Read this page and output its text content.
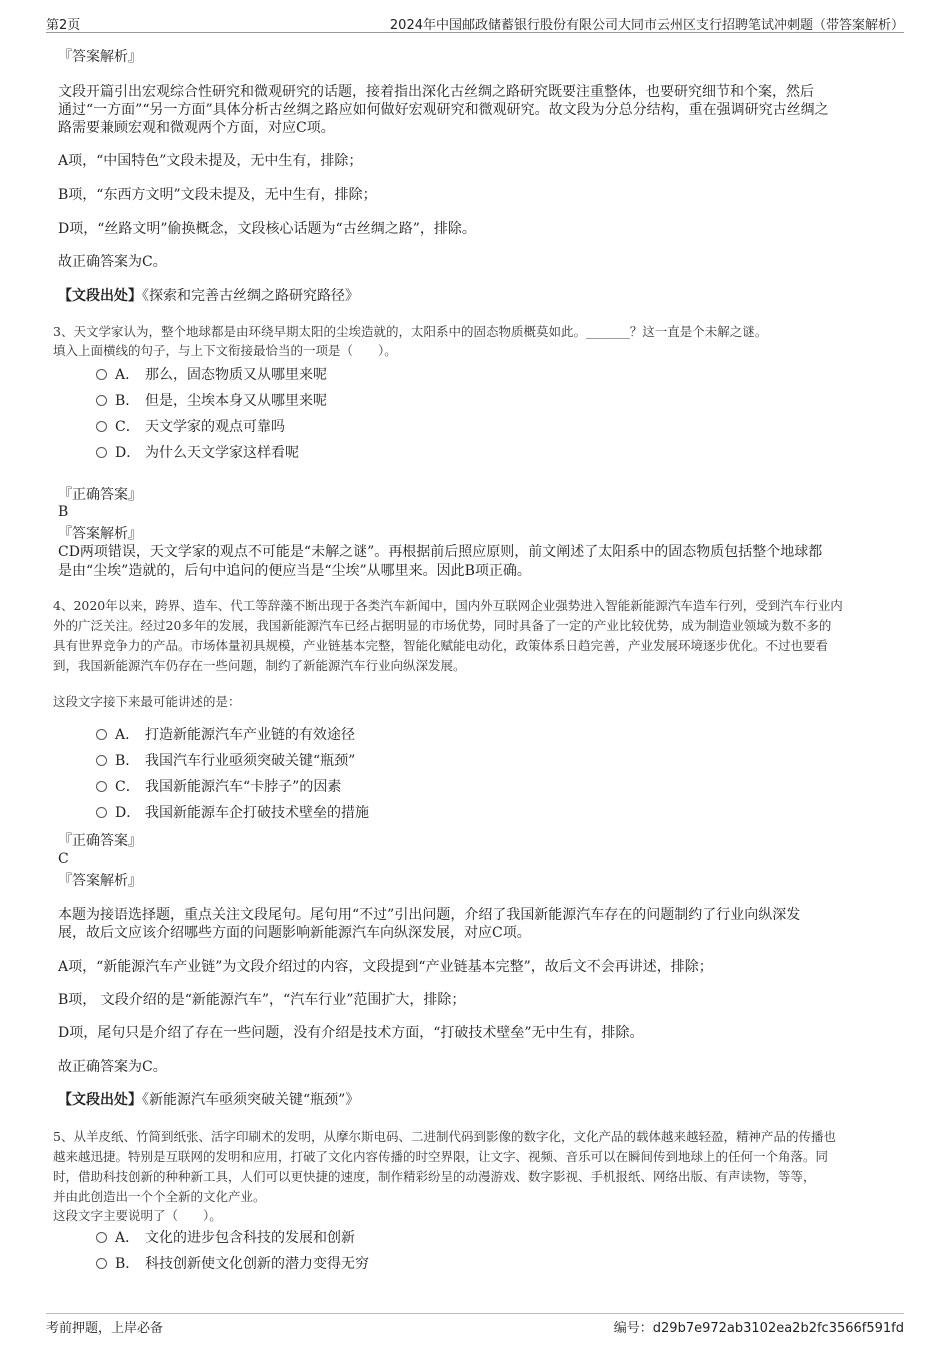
第2页	2024年中国邮政储蓄银行股份有限公司大同市云州区支行招聘笔试冲刺题（带答案解析）
『答案解析』
文段开篇引出宏观综合性研究和微观研究的话题，接着指出深化古丝绸之路研究既要注重整体，也要研究细节和个案，然后
通过“一方面”“另一方面”具体分析古丝绸之路应如何做好宏观研究和微观研究。故文段为分总分结构，重在强调研究古丝绸之
路需要兼顾宏观和微观两个方面，对应C项。
A项，“中国特色”文段未提及，无中生有，排除；
B项，“东西方文明”文段未提及，无中生有，排除；
D项，“丝路文明”偷换概念，文段核心话题为“古丝绸之路”，排除。
故正确答案为C。
【文段出处】《探索和完善古丝绸之路研究路径》
3、天文学家认为，整个地球都是由环绕早期太阳的尘埃造就的，太阳系中的固态物质概莫如此。_______？这一直是个未解之谜。
填入上面横线的句子，与上下文衔接最恰当的一项是（　　）。
A． 那么，固态物质又从哪里来呢
B． 但是，尘埃本身又从哪里来呢
C． 天文学家的观点可靠吗
D． 为什么天文学家这样看呢
『正确答案』
B
『答案解析』
CD两项错误，天文学家的观点不可能是“未解之谜”。再根据前后照应原则，前文阐述了太阳系中的固态物质包括整个地球都
是由“尘埃”造就的，后句中追问的便应当是“尘埃”从哪里来。因此B项正确。
4、2020年以来，跨界、造车、代工等辞藻不断出现于各类汽车新闻中，国内外互联网企业强势进入智能新能源汽车造车行列，受到汽车行业内
外的广泛关注。经过20多年的发展，我国新能源汽车已经占据明显的市场优势，同时具备了一定的产业比较优势，成为制造业领域为数不多的
具有世界竞争力的产品。市场体量初具规模，产业链基本完整，智能化赋能电动化，政策体系日趋完善，产业发展环境逐步优化。不过也要看
到，我国新能源汽车仍存在一些问题，制约了新能源汽车行业向纵深发展。
这段文字接下来最可能讲述的是：
A． 打造新能源汽车产业链的有效途径
B． 我国汽车行业亟须突破关键“瓶颈”
C． 我国新能源汽车“卡脖子”的因素
D． 我国新能源车企打破技术壁垒的措施
『正确答案』
C
『答案解析』
本题为接语选择题，重点关注文段尾句。尾句用“不过”引出问题，介绍了我国新能源汽车存在的问题制约了行业向纵深发
展，故后文应该介绍哪些方面的问题影响新能源汽车向纵深发展，对应C项。
A项，“新能源汽车产业链”为文段介绍过的内容，文段提到“产业链基本完整”，故后文不会再讲述，排除；
B项， 文段介绍的是“新能源汽车”，“汽车行业”范围扩大，排除；
D项，尾句只是介绍了存在一些问题，没有介绍是技术方面，“打破技术壁垒”无中生有，排除。
故正确答案为C。
【文段出处】《新能源汽车亟须突破关键“瓶颈”》
5、从羊皮纸、竹简到纸张、活字印刷术的发明，从摩尔斯电码、二进制代码到影像的数字化，文化产品的载体越来越轻盈，精神产品的传播也
越来越迅捷。特别是互联网的发明和应用，打破了文化内容传播的时空界限，让文字、视频、音乐可以在瞬间传到地球上的任何一个角落。同
时，借助科技创新的种种新工具，人们可以更快捷的速度，制作精彩纷呈的动漫游戏、数字影视、手机报纸、网络出版、有声读物，等等，
并由此创造出一个个全新的文化产业。
这段文字主要说明了（　　）。
A． 文化的进步包含科技的发展和创新
B． 科技创新使文化创新的潜力变得无穷
考前押题，上岸必备	编号：d29b7e972ab3102ea2b2fc3566f591fd
